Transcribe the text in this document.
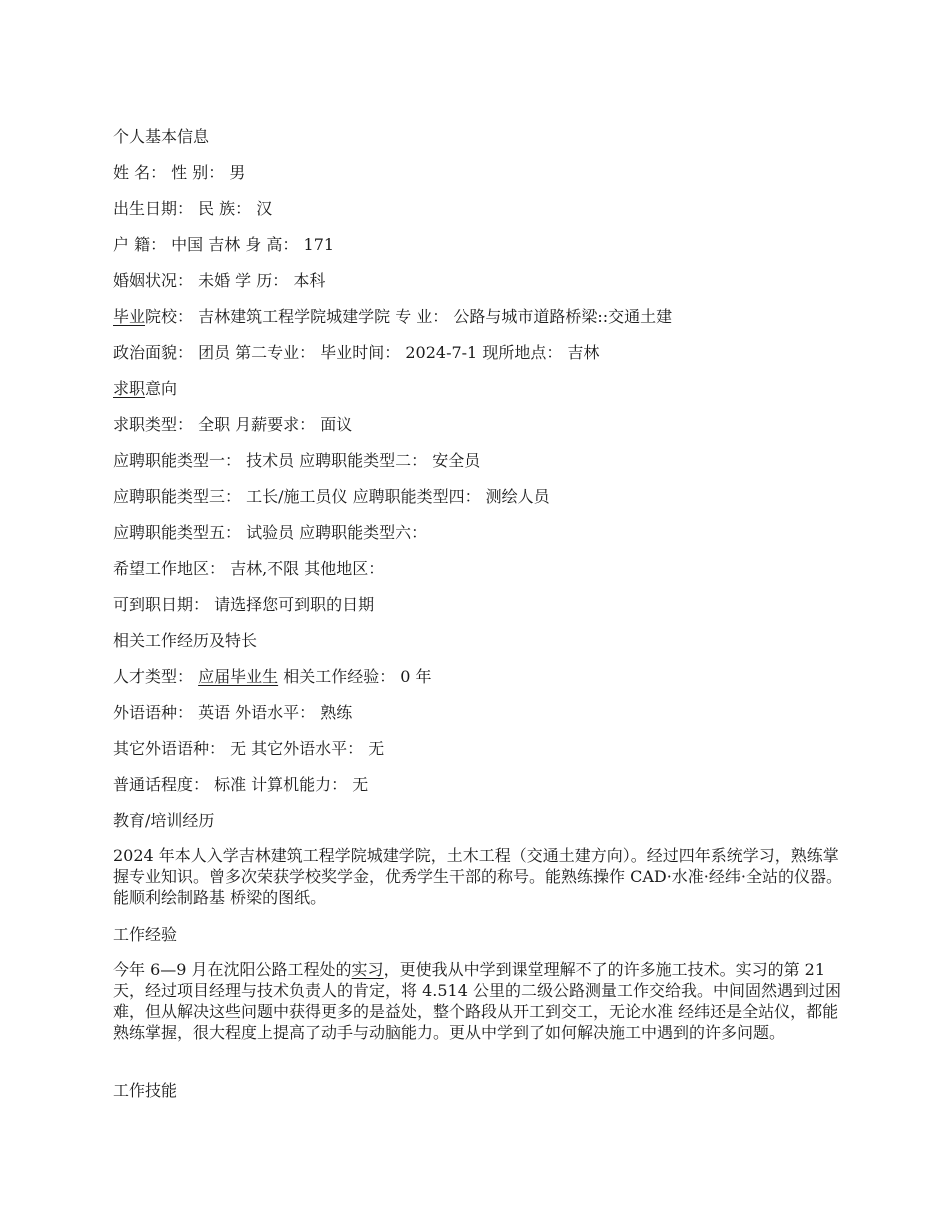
个人基本信息
姓 名： 性 别： 男
出生日期： 民 族： 汉
户 籍： 中国 吉林 身 高： 171
婚姻状况： 未婚 学 历： 本科
毕业院校： 吉林建筑工程学院城建学院 专 业： 公路与城市道路桥梁::交通土建
政治面貌： 团员 第二专业： 毕业时间： 2024-7-1 现所地点： 吉林
求职意向
求职类型： 全职 月薪要求： 面议
应聘职能类型一： 技术员 应聘职能类型二： 安全员
应聘职能类型三： 工长/施工员仪 应聘职能类型四： 测绘人员
应聘职能类型五： 试验员 应聘职能类型六：
希望工作地区： 吉林,不限 其他地区：
可到职日期： 请选择您可到职的日期
相关工作经历及特长
人才类型： 应届毕业生 相关工作经验： 0 年
外语语种： 英语 外语水平： 熟练
其它外语语种： 无 其它外语水平： 无
普通话程度： 标准 计算机能力： 无
教育/培训经历
2024 年本人入学吉林建筑工程学院城建学院，土木工程（交通土建方向）。经过四年系统学习，熟练掌握专业知识。曾多次荣获学校奖学金，优秀学生干部的称号。能熟练操作 CAD·水准·经纬·全站的仪器。能顺利绘制路基 桥梁的图纸。
工作经验
今年 6—9 月在沈阳公路工程处的实习，更使我从中学到课堂理解不了的许多施工技术。实习的第 21 天，经过项目经理与技术负责人的肯定，将 4.514 公里的二级公路测量工作交给我。中间固然遇到过困难，但从解决这些问题中获得更多的是益处，整个路段从开工到交工，无论水准 经纬还是全站仪，都能熟练掌握，很大程度上提高了动手与动脑能力。更从中学到了如何解决施工中遇到的许多问题。
工作技能
